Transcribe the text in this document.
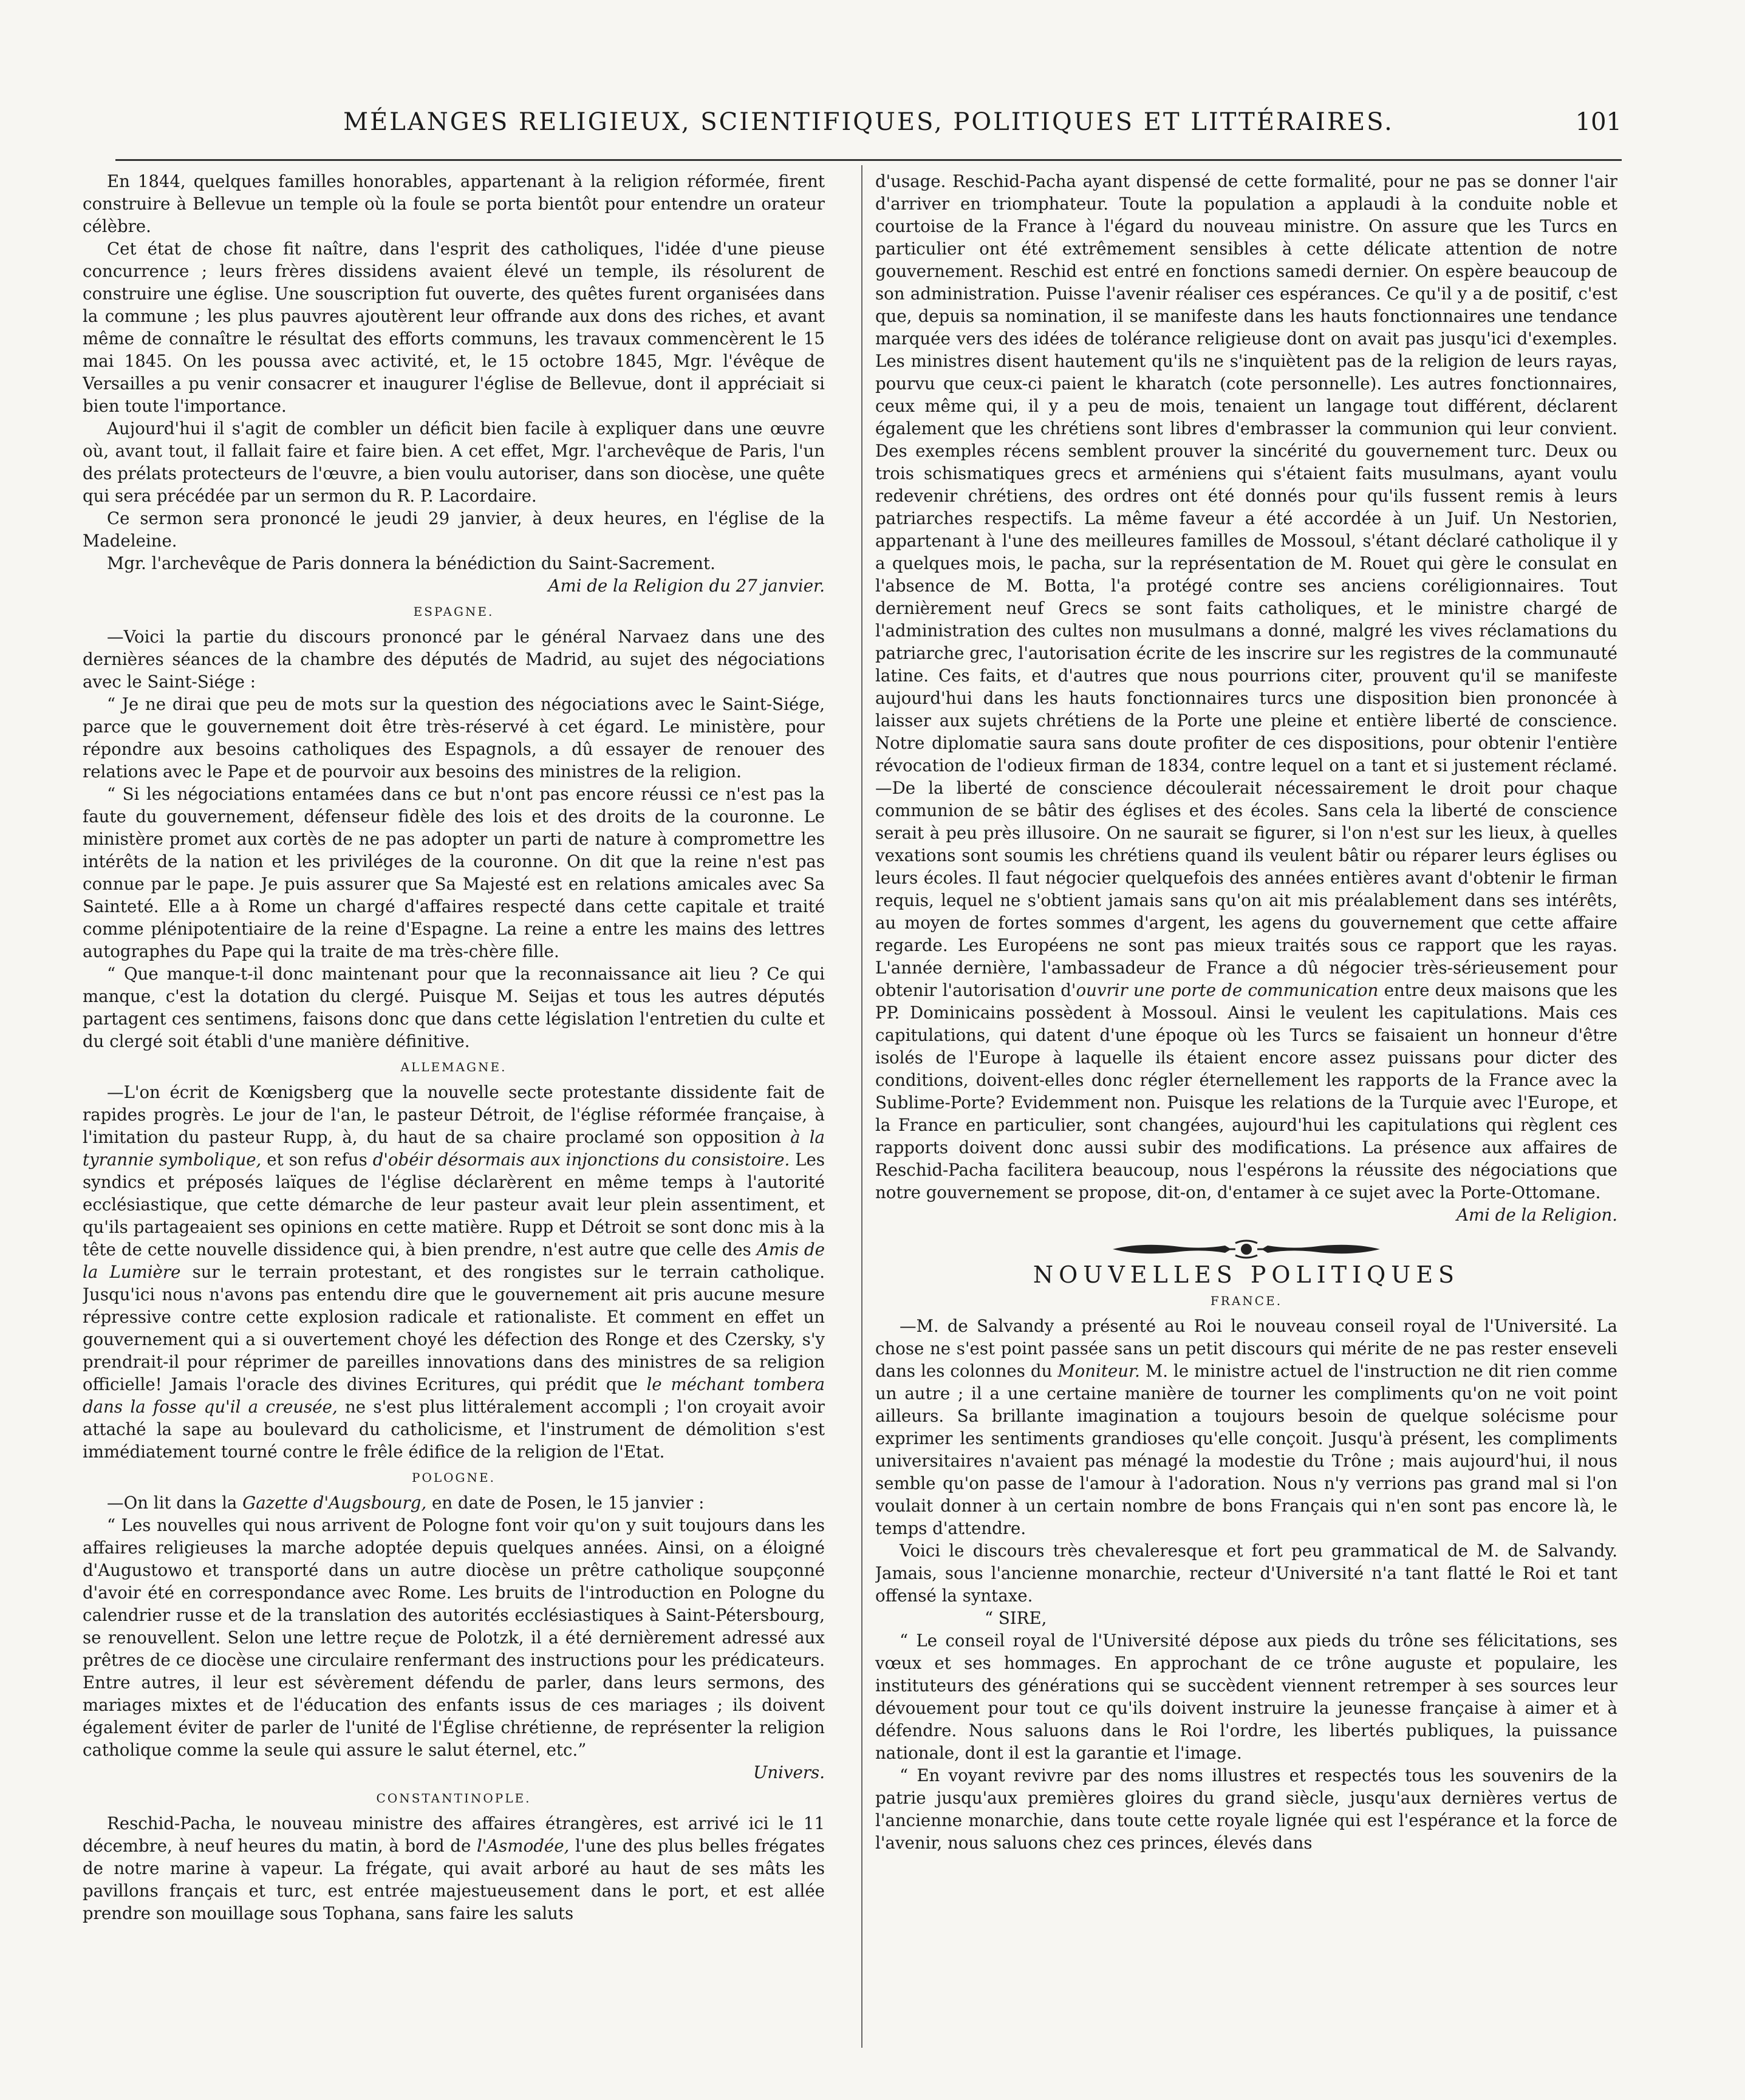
MÉLANGES RELIGIEUX, SCIENTIFIQUES, POLITIQUES ET LITTÉRAIRES.	101

En 1844, quelques familles honorables, appartenant à la religion réformée, firent construire à Bellevue un temple où la foule se porta bientôt pour entendre un orateur célèbre.

Cet état de chose fit naître, dans l'esprit des catholiques, l'idée d'une pieuse concurrence ; leurs frères dissidens avaient élevé un temple, ils résolurent de construire une église. Une souscription fut ouverte, des quêtes furent organisées dans la commune ; les plus pauvres ajoutèrent leur offrande aux dons des riches, et avant même de connaître le résultat des efforts communs, les travaux commencèrent le 15 mai 1845. On les poussa avec activité, et, le 15 octobre 1845, Mgr. l'évêque de Versailles a pu venir consacrer et inaugurer l'église de Bellevue, dont il appréciait si bien toute l'importance.

Aujourd'hui il s'agit de combler un déficit bien facile à expliquer dans une œuvre où, avant tout, il fallait faire et faire bien. A cet effet, Mgr. l'archevêque de Paris, l'un des prélats protecteurs de l'œuvre, a bien voulu autoriser, dans son diocèse, une quête qui sera précédée par un sermon du R. P. Lacordaire.

Ce sermon sera prononcé le jeudi 29 janvier, à deux heures, en l'église de la Madeleine.

Mgr. l'archevêque de Paris donnera la bénédiction du Saint-Sacrement.

Ami de la Religion du 27 janvier.

ESPAGNE.

—Voici la partie du discours prononcé par le général Narvaez dans une des dernières séances de la chambre des députés de Madrid, au sujet des négociations avec le Saint-Siége :

“ Je ne dirai que peu de mots sur la question des négociations avec le Saint-Siége, parce que le gouvernement doit être très-réservé à cet égard. Le ministère, pour répondre aux besoins catholiques des Espagnols, a dû essayer de renouer des relations avec le Pape et de pourvoir aux besoins des ministres de la religion.

“ Si les négociations entamées dans ce but n'ont pas encore réussi ce n'est pas la faute du gouvernement, défenseur fidèle des lois et des droits de la couronne. Le ministère promet aux cortès de ne pas adopter un parti de nature à compromettre les intérêts de la nation et les priviléges de la couronne. On dit que la reine n'est pas connue par le pape. Je puis assurer que Sa Majesté est en relations amicales avec Sa Sainteté. Elle a à Rome un chargé d'affaires respecté dans cette capitale et traité comme plénipotentiaire de la reine d'Espagne. La reine a entre les mains des lettres autographes du Pape qui la traite de ma très-chère fille.

“ Que manque-t-il donc maintenant pour que la reconnaissance ait lieu ? Ce qui manque, c'est la dotation du clergé. Puisque M. Seijas et tous les autres députés partagent ces sentimens, faisons donc que dans cette législation l'entretien du culte et du clergé soit établi d'une manière définitive.

ALLEMAGNE.

—L'on écrit de Kœnigsberg que la nouvelle secte protestante dissidente fait de rapides progrès. Le jour de l'an, le pasteur Détroit, de l'église réformée française, à l'imitation du pasteur Rupp, à, du haut de sa chaire proclamé son opposition à la tyrannie symbolique, et son refus d'obéir désormais aux injonctions du consistoire. Les syndics et préposés laïques de l'église déclarèrent en même temps à l'autorité ecclésiastique, que cette démarche de leur pasteur avait leur plein assentiment, et qu'ils partageaient ses opinions en cette matière. Rupp et Détroit se sont donc mis à la tête de cette nouvelle dissidence qui, à bien prendre, n'est autre que celle des Amis de la Lumière sur le terrain protestant, et des rongistes sur le terrain catholique. Jusqu'ici nous n'avons pas entendu dire que le gouvernement ait pris aucune mesure répressive contre cette explosion radicale et rationaliste. Et comment en effet un gouvernement qui a si ouvertement choyé les défection des Ronge et des Czersky, s'y prendrait-il pour réprimer de pareilles innovations dans des ministres de sa religion officielle! Jamais l'oracle des divines Ecritures, qui prédit que le méchant tombera dans la fosse qu'il a creusée, ne s'est plus littéralement accompli ; l'on croyait avoir attaché la sape au boulevard du catholicisme, et l'instrument de démolition s'est immédiatement tourné contre le frêle édifice de la religion de l'Etat.

POLOGNE.

—On lit dans la Gazette d'Augsbourg, en date de Posen, le 15 janvier :

“ Les nouvelles qui nous arrivent de Pologne font voir qu'on y suit toujours dans les affaires religieuses la marche adoptée depuis quelques années. Ainsi, on a éloigné d'Augustowo et transporté dans un autre diocèse un prêtre catholique soupçonné d'avoir été en correspondance avec Rome. Les bruits de l'introduction en Pologne du calendrier russe et de la translation des autorités ecclésiastiques à Saint-Pétersbourg, se renouvellent. Selon une lettre reçue de Polotzk, il a été dernièrement adressé aux prêtres de ce diocèse une circulaire renfermant des instructions pour les prédicateurs. Entre autres, il leur est sévèrement défendu de parler, dans leurs sermons, des mariages mixtes et de l'éducation des enfants issus de ces mariages ; ils doivent également éviter de parler de l'unité de l'Église chrétienne, de représenter la religion catholique comme la seule qui assure le salut éternel, etc.”

Univers.

CONSTANTINOPLE.

Reschid-Pacha, le nouveau ministre des affaires étrangères, est arrivé ici le 11 décembre, à neuf heures du matin, à bord de l'Asmodée, l'une des plus belles frégates de notre marine à vapeur. La frégate, qui avait arboré au haut de ses mâts les pavillons français et turc, est entrée majestueusement dans le port, et est allée prendre son mouillage sous Tophana, sans faire les saluts

d'usage. Reschid-Pacha ayant dispensé de cette formalité, pour ne pas se donner l'air d'arriver en triomphateur. Toute la population a applaudi à la conduite noble et courtoise de la France à l'égard du nouveau ministre. On assure que les Turcs en particulier ont été extrêmement sensibles à cette délicate attention de notre gouvernement. Reschid est entré en fonctions samedi dernier. On espère beaucoup de son administration. Puisse l'avenir réaliser ces espérances. Ce qu'il y a de positif, c'est que, depuis sa nomination, il se manifeste dans les hauts fonctionnaires une tendance marquée vers des idées de tolérance religieuse dont on avait pas jusqu'ici d'exemples. Les ministres disent hautement qu'ils ne s'inquiètent pas de la religion de leurs rayas, pourvu que ceux-ci paient le kharatch (cote personnelle). Les autres fonctionnaires, ceux même qui, il y a peu de mois, tenaient un langage tout différent, déclarent également que les chrétiens sont libres d'embrasser la communion qui leur convient. Des exemples récens semblent prouver la sincérité du gouvernement turc. Deux ou trois schismatiques grecs et arméniens qui s'étaient faits musulmans, ayant voulu redevenir chrétiens, des ordres ont été donnés pour qu'ils fussent remis à leurs patriarches respectifs. La même faveur a été accordée à un Juif. Un Nestorien, appartenant à l'une des meilleures familles de Mossoul, s'étant déclaré catholique il y a quelques mois, le pacha, sur la représentation de M. Rouet qui gère le consulat en l'absence de M. Botta, l'a protégé contre ses anciens coréligionnaires. Tout dernièrement neuf Grecs se sont faits catholiques, et le ministre chargé de l'administration des cultes non musulmans a donné, malgré les vives réclamations du patriarche grec, l'autorisation écrite de les inscrire sur les registres de la communauté latine. Ces faits, et d'autres que nous pourrions citer, prouvent qu'il se manifeste aujourd'hui dans les hauts fonctionnaires turcs une disposition bien prononcée à laisser aux sujets chrétiens de la Porte une pleine et entière liberté de conscience. Notre diplomatie saura sans doute profiter de ces dispositions, pour obtenir l'entière révocation de l'odieux firman de 1834, contre lequel on a tant et si justement réclamé.—De la liberté de conscience découlerait nécessairement le droit pour chaque communion de se bâtir des églises et des écoles. Sans cela la liberté de conscience serait à peu près illusoire. On ne saurait se figurer, si l'on n'est sur les lieux, à quelles vexations sont soumis les chrétiens quand ils veulent bâtir ou réparer leurs églises ou leurs écoles. Il faut négocier quelquefois des années entières avant d'obtenir le firman requis, lequel ne s'obtient jamais sans qu'on ait mis préalablement dans ses intérêts, au moyen de fortes sommes d'argent, les agens du gouvernement que cette affaire regarde. Les Européens ne sont pas mieux traités sous ce rapport que les rayas. L'année dernière, l'ambassadeur de France a dû négocier très-sérieusement pour obtenir l'autorisation d'ouvrir une porte de communication entre deux maisons que les PP. Dominicains possèdent à Mossoul. Ainsi le veulent les capitulations. Mais ces capitulations, qui datent d'une époque où les Turcs se faisaient un honneur d'être isolés de l'Europe à laquelle ils étaient encore assez puissans pour dicter des conditions, doivent-elles donc régler éternellement les rapports de la France avec la Sublime-Porte? Evidemment non. Puisque les relations de la Turquie avec l'Europe, et la France en particulier, sont changées, aujourd'hui les capitulations qui règlent ces rapports doivent donc aussi subir des modifications. La présence aux affaires de Reschid-Pacha facilitera beaucoup, nous l'espérons la réussite des négociations que notre gouvernement se propose, dit-on, d'entamer à ce sujet avec la Porte-Ottomane.

Ami de la Religion.

NOUVELLES POLITIQUES
FRANCE.

—M. de Salvandy a présenté au Roi le nouveau conseil royal de l'Université. La chose ne s'est point passée sans un petit discours qui mérite de ne pas rester enseveli dans les colonnes du Moniteur. M. le ministre actuel de l'instruction ne dit rien comme un autre ; il a une certaine manière de tourner les compliments qu'on ne voit point ailleurs. Sa brillante imagination a toujours besoin de quelque solécisme pour exprimer les sentiments grandioses qu'elle conçoit. Jusqu'à présent, les compliments universitaires n'avaient pas ménagé la modestie du Trône ; mais aujourd'hui, il nous semble qu'on passe de l'amour à l'adoration. Nous n'y verrions pas grand mal si l'on voulait donner à un certain nombre de bons Français qui n'en sont pas encore là, le temps d'attendre.

Voici le discours très chevaleresque et fort peu grammatical de M. de Salvandy. Jamais, sous l'ancienne monarchie, recteur d'Université n'a tant flatté le Roi et tant offensé la syntaxe.

“ SIRE,

“ Le conseil royal de l'Université dépose aux pieds du trône ses félicitations, ses vœux et ses hommages. En approchant de ce trône auguste et populaire, les instituteurs des générations qui se succèdent viennent retremper à ses sources leur dévouement pour tout ce qu'ils doivent instruire la jeunesse française à aimer et à défendre. Nous saluons dans le Roi l'ordre, les libertés publiques, la puissance nationale, dont il est la garantie et l'image.

“ En voyant revivre par des noms illustres et respectés tous les souvenirs de la patrie jusqu'aux premières gloires du grand siècle, jusqu'aux dernières vertus de l'ancienne monarchie, dans toute cette royale lignée qui est l'espérance et la force de l'avenir, nous saluons chez ces princes, élevés dans
